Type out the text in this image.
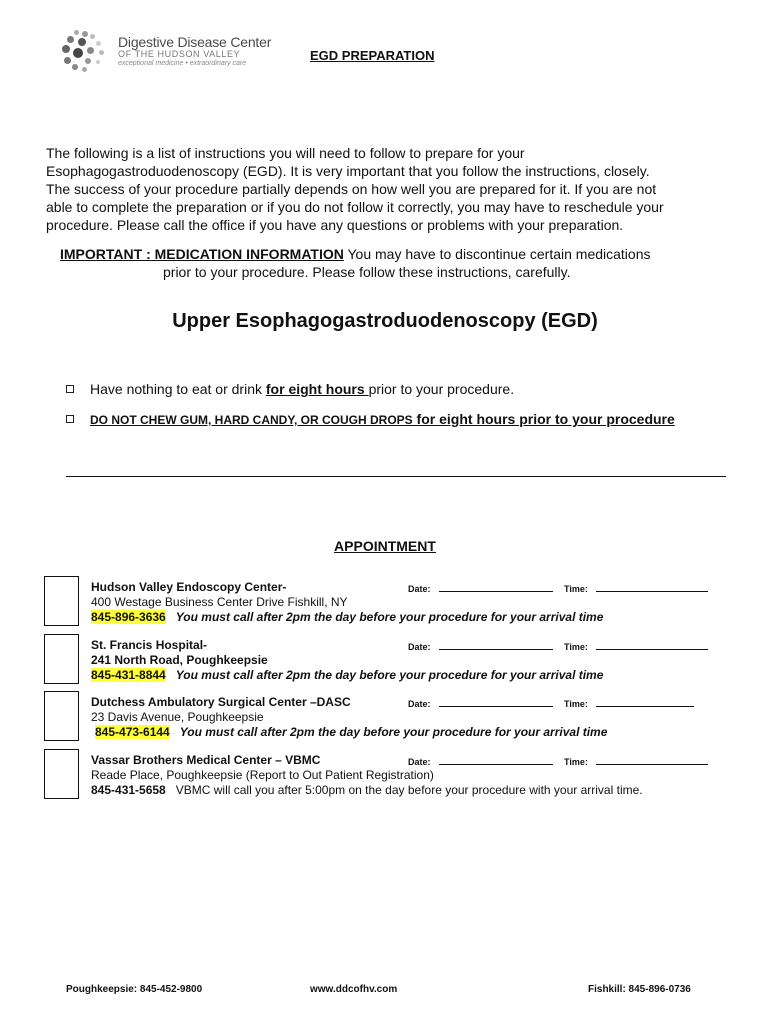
Digestive Disease Center
OF THE HUDSON VALLEY
exceptional medicine • extraordinary care
EGD PREPARATION
The following is a list of instructions you will need to follow to prepare for your
Esophagogastroduodenoscopy (EGD). It is very important that you follow the instructions, closely.
The success of your procedure partially depends on how well you are prepared for it. If you are not
able to complete the preparation or if you do not follow it correctly, you may have to reschedule your
procedure. Please call the office if you have any questions or problems with your preparation.
IMPORTANT : MEDICATION INFORMATION You may have to discontinue certain medications
prior to your procedure. Please follow these instructions, carefully.
Upper Esophagogastroduodenoscopy (EGD)
Have nothing to eat or drink for eight hours prior to your procedure.
DO NOT CHEW GUM, HARD CANDY, OR COUGH DROPS for eight hours prior to your procedure
APPOINTMENT
Hudson Valley Endoscopy Center-	Date:	Time:
400 Westage Business Center Drive Fishkill, NY
845-896-3636 You must call after 2pm the day before your procedure for your arrival time
St. Francis Hospital-	Date:	Time:
241 North Road, Poughkeepsie
845-431-8844 You must call after 2pm the day before your procedure for your arrival time
Dutchess Ambulatory Surgical Center –DASC	Date:	Time:
23 Davis Avenue, Poughkeepsie
845-473-6144 You must call after 2pm the day before your procedure for your arrival time
Vassar Brothers Medical Center – VBMC	Date:	Time:
Reade Place, Poughkeepsie (Report to Out Patient Registration)
845-431-5658 VBMC will call you after 5:00pm on the day before your procedure with your arrival time.
Poughkeepsie: 845-452-9800	www.ddcofhv.com	Fishkill: 845-896-0736
